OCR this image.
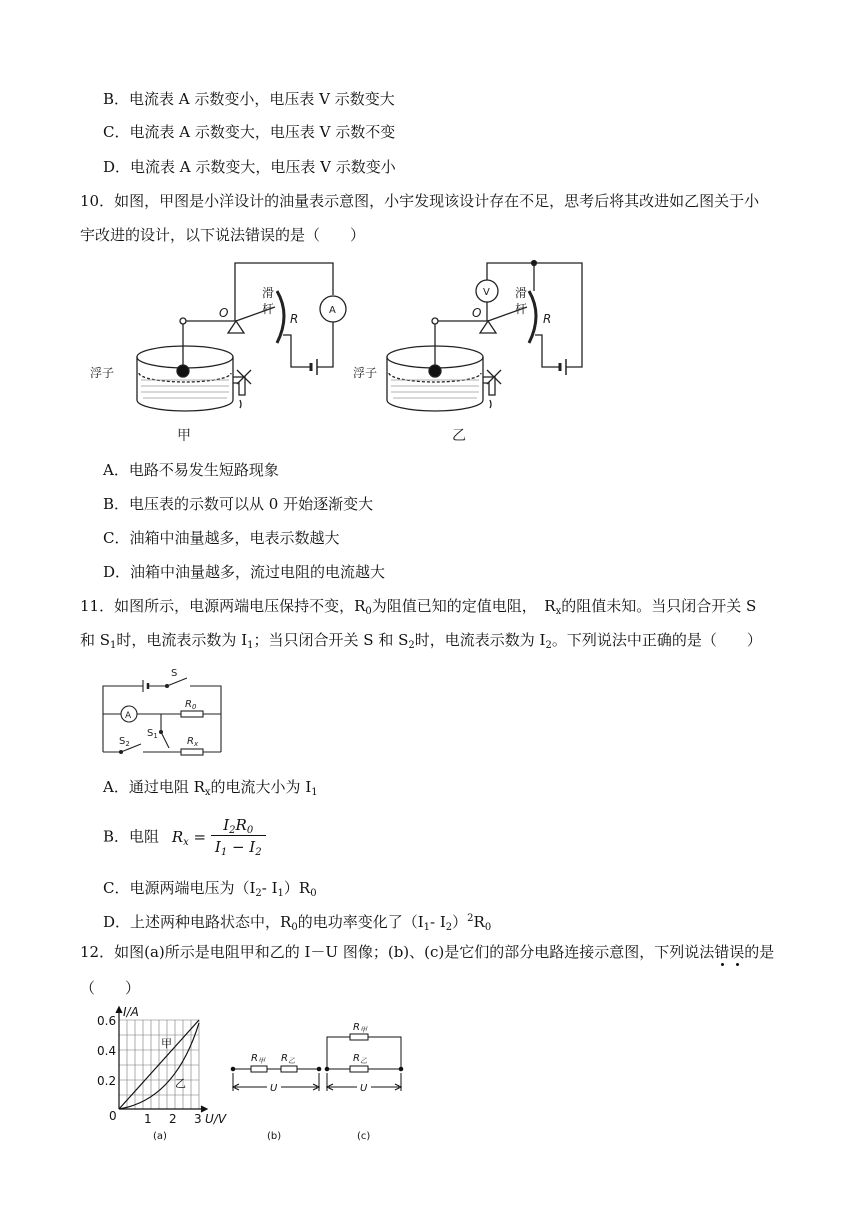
B．电流表 A 示数变小，电压表 V 示数变大
C．电流表 A 示数变大，电压表 V 示数不变
D．电流表 A 示数变大，电压表 V 示数变小
10．如图，甲图是小洋设计的油量表示意图，小宇发现该设计存在不足，思考后将其改进如乙图关于小
宇改进的设计，以下说法错误的是（　　）
O
滑
杆
R
A
浮子
甲
O
滑
杆
R
V
浮子
乙
A．电路不易发生短路现象
B．电压表的示数可以从 0 开始逐渐变大
C．油箱中油量越多，电表示数越大
D．油箱中油量越多，流过电阻的电流越大
11．如图所示，电源两端电压保持不变，$R_0$为阻值已知的定值电阻，　$R_x$的阻值未知。当只闭合开关 S
和 $S_1$时，电流表示数为 $I_1$；当只闭合开关 S 和 $S_2$时，电流表示数为 $I_2$。下列说法中正确的是（　　）
S
A
$R_0$
$S_1$
$S_2$	$R_x$
A．通过电阻 $R_x$的电流大小为 $I_1$
B．电阻 $R_x = \frac{I_2R_0}{I_1 - I_2}$
C．电源两端电压为（$I_2-$ $I_1)R_0$
D．上述两种电路状态中，$R_0$的电功率变化了（$I_1-$ $I_2)^2R_0$
12．如图(a)所示是电阻甲和乙的 I－U 图像；(b)、(c)是它们的部分电路连接示意图，下列说法错误的是
（　　）
I/A
0.6
0.4
0.2
0 1 2 3 U/V
甲
乙
(a)
$R_甲$ $R_乙$
U
(b)
$R_甲$
$R_乙$
U
(c)
